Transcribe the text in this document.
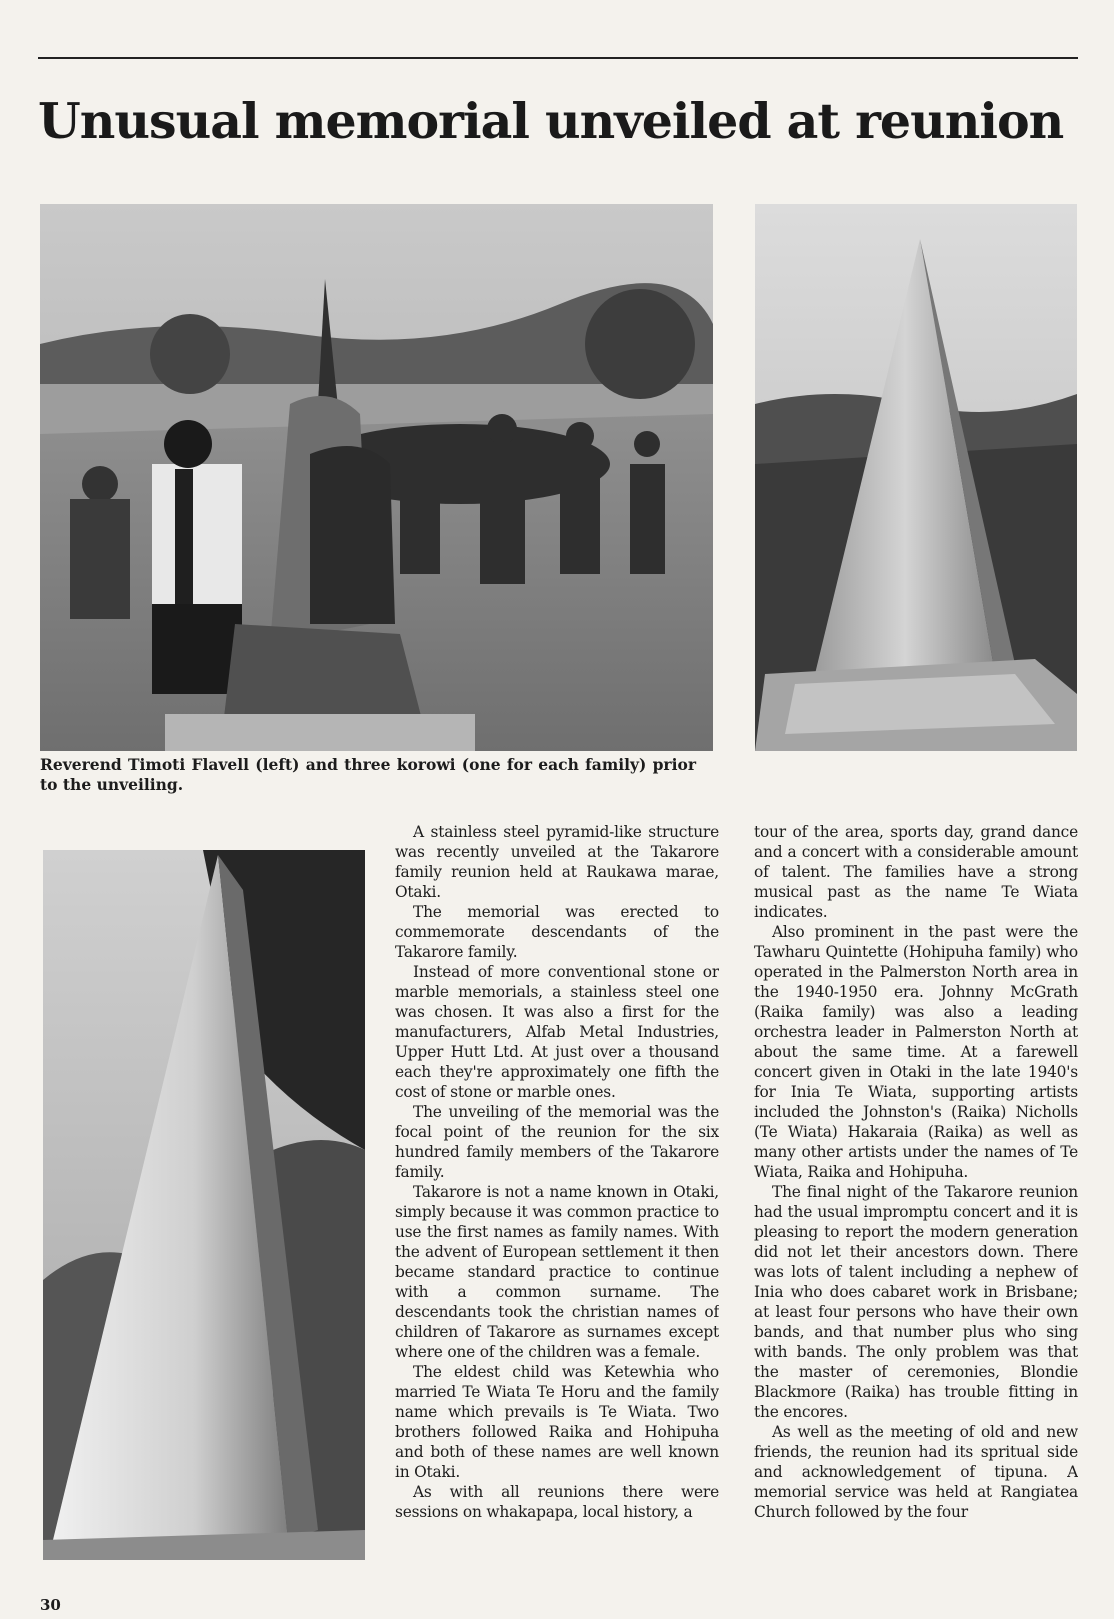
Unusual memorial unveiled at reunion

Reverend Timoti Flavell (left) and three korowi (one for each family) prior to the unveiling.

A stainless steel pyramid-like structure was recently unveiled at the Takarore family reunion held at Raukawa marae, Otaki.

The memorial was erected to commemorate descendants of the Takarore family.

Instead of more conventional stone or marble memorials, a stainless steel one was chosen. It was also a first for the manufacturers, Alfab Metal Industries, Upper Hutt Ltd. At just over a thousand each they're approximately one fifth the cost of stone or marble ones.

The unveiling of the memorial was the focal point of the reunion for the six hundred family members of the Takarore family.

Takarore is not a name known in Otaki, simply because it was common practice to use the first names as family names. With the advent of European settlement it then became standard practice to continue with a common surname. The descendants took the christian names of children of Takarore as surnames except where one of the children was a female.

The eldest child was Ketewhia who married Te Wiata Te Horu and the family name which prevails is Te Wiata. Two brothers followed Raika and Hohipuha and both of these names are well known in Otaki.

As with all reunions there were sessions on whakapapa, local history, a

tour of the area, sports day, grand dance and a concert with a considerable amount of talent. The families have a strong musical past as the name Te Wiata indicates.

Also prominent in the past were the Tawharu Quintette (Hohipuha family) who operated in the Palmerston North area in the 1940-1950 era. Johnny McGrath (Raika family) was also a leading orchestra leader in Palmerston North at about the same time. At a farewell concert given in Otaki in the late 1940's for Inia Te Wiata, supporting artists included the Johnston's (Raika) Nicholls (Te Wiata) Hakaraia (Raika) as well as many other artists under the names of Te Wiata, Raika and Hohipuha.

The final night of the Takarore reunion had the usual impromptu concert and it is pleasing to report the modern generation did not let their ancestors down. There was lots of talent including a nephew of Inia who does cabaret work in Brisbane; at least four persons who have their own bands, and that number plus who sing with bands. The only problem was that the master of ceremonies, Blondie Blackmore (Raika) has trouble fitting in the encores.

As well as the meeting of old and new friends, the reunion had its spritual side and acknowledgement of tipuna. A memorial service was held at Rangiatea Church followed by the four

30
